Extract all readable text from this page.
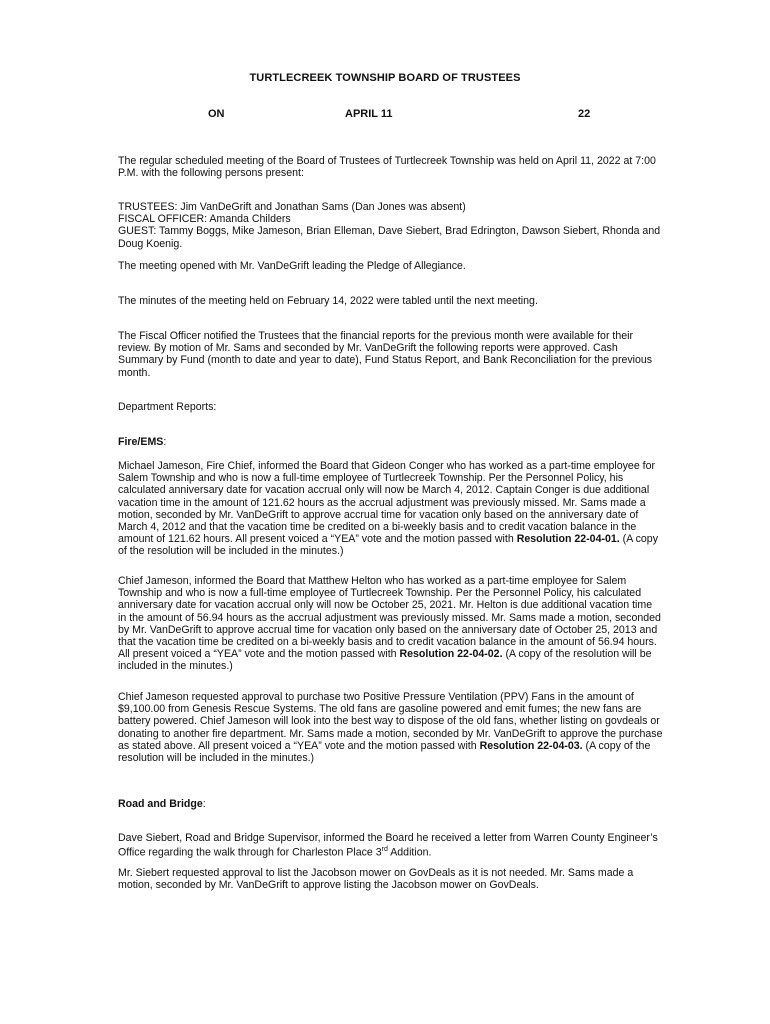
TURTLECREEK TOWNSHIP BOARD OF TRUSTEES
ON	APRIL 11	22

The regular scheduled meeting of the Board of Trustees of Turtlecreek Township was held on April 11, 2022 at 7:00 P.M. with the following persons present:

TRUSTEES: Jim VanDeGrift and Jonathan Sams (Dan Jones was absent)

FISCAL OFFICER: Amanda Childers

GUEST: Tammy Boggs, Mike Jameson, Brian Elleman, Dave Siebert, Brad Edrington, Dawson Siebert, Rhonda and Doug Koenig.

The meeting opened with Mr. VanDeGrift leading the Pledge of Allegiance.

The minutes of the meeting held on February 14, 2022 were tabled until the next meeting.

The Fiscal Officer notified the Trustees that the financial reports for the previous month were available for their review. By motion of Mr. Sams and seconded by Mr. VanDeGrift the following reports were approved. Cash Summary by Fund (month to date and year to date), Fund Status Report, and Bank Reconciliation for the previous month.

Department Reports:

Fire/EMS:

Michael Jameson, Fire Chief, informed the Board that Gideon Conger who has worked as a part-time employee for Salem Township and who is now a full-time employee of Turtlecreek Township. Per the Personnel Policy, his calculated anniversary date for vacation accrual only will now be March 4, 2012. Captain Conger is due additional vacation time in the amount of 121.62 hours as the accrual adjustment was previously missed. Mr. Sams made a motion, seconded by Mr. VanDeGrift to approve accrual time for vacation only based on the anniversary date of March 4, 2012 and that the vacation time be credited on a bi-weekly basis and to credit vacation balance in the amount of 121.62 hours. All present voiced a “YEA” vote and the motion passed with Resolution 22-04-01. (A copy of the resolution will be included in the minutes.)

Chief Jameson, informed the Board that Matthew Helton who has worked as a part-time employee for Salem Township and who is now a full-time employee of Turtlecreek Township. Per the Personnel Policy, his calculated anniversary date for vacation accrual only will now be October 25, 2021. Mr. Helton is due additional vacation time in the amount of 56.94 hours as the accrual adjustment was previously missed. Mr. Sams made a motion, seconded by Mr. VanDeGrift to approve accrual time for vacation only based on the anniversary date of October 25, 2013 and that the vacation time be credited on a bi-weekly basis and to credit vacation balance in the amount of 56.94 hours. All present voiced a “YEA” vote and the motion passed with Resolution 22-04-02. (A copy of the resolution will be included in the minutes.)

Chief Jameson requested approval to purchase two Positive Pressure Ventilation (PPV) Fans in the amount of $9,100.00 from Genesis Rescue Systems. The old fans are gasoline powered and emit fumes; the new fans are battery powered. Chief Jameson will look into the best way to dispose of the old fans, whether listing on govdeals or donating to another fire department. Mr. Sams made a motion, seconded by Mr. VanDeGrift to approve the purchase as stated above. All present voiced a “YEA” vote and the motion passed with Resolution 22-04-03. (A copy of the resolution will be included in the minutes.)

Road and Bridge:

Dave Siebert, Road and Bridge Supervisor, informed the Board he received a letter from Warren County Engineer’s Office regarding the walk through for Charleston Place 3rd Addition.

Mr. Siebert requested approval to list the Jacobson mower on GovDeals as it is not needed. Mr. Sams made a motion, seconded by Mr. VanDeGrift to approve listing the Jacobson mower on GovDeals.
